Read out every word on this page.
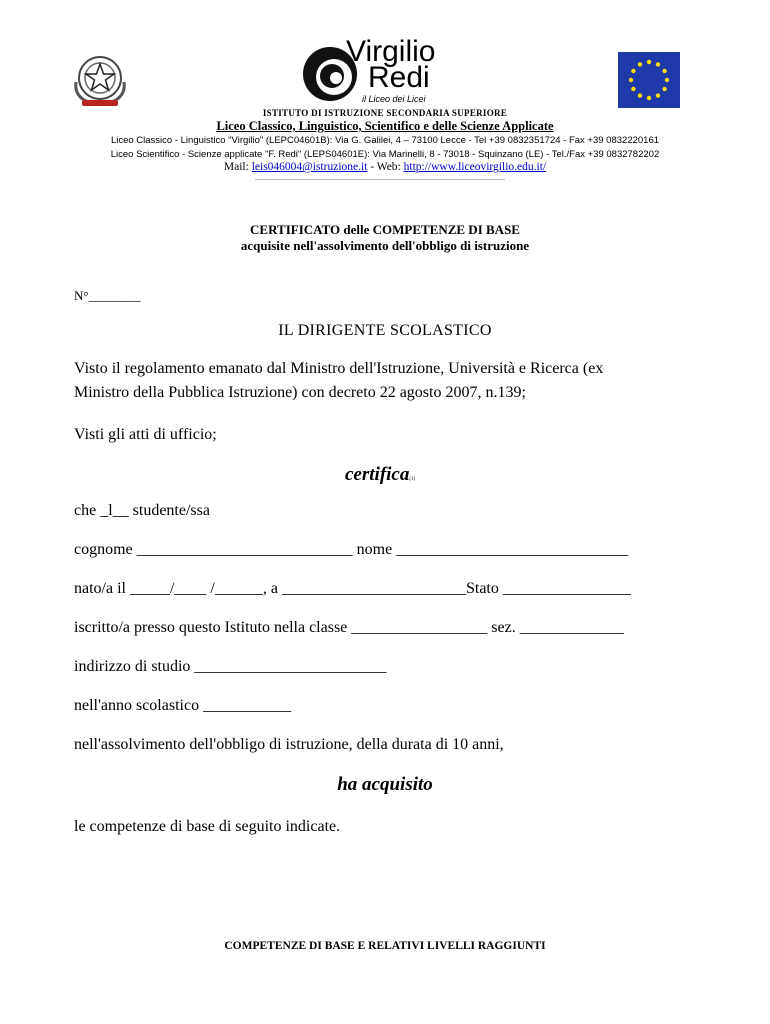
Virgilio
Redi
il Liceo dei Licei
ISTITUTO DI ISTRUZIONE SECONDARIA SUPERIORE
Liceo Classico, Linguistico, Scientifico e delle Scienze Applicate
Liceo Classico - Linguistico "Virgilio" (LEPC04601B): Via G. Galilei, 4 – 73100 Lecce - Tel +39 0832351724 - Fax +39 0832220161
Liceo Scientifico - Scienze applicate "F. Redi" (LEPS04601E): Via Marinelli, 8 - 73018 - Squinzano (LE) - Tel./Fax +39 0832782202
Mail: leis046004@istruzione.it - Web: http://www.liceovirgilio.edu.it/
CERTIFICATO delle COMPETENZE DI BASE
acquisite nell'assolvimento dell'obbligo di istruzione
N°________
IL DIRIGENTE SCOLASTICO
Visto il regolamento emanato dal Ministro dell'Istruzione, Università e Ricerca (ex
Ministro della Pubblica Istruzione) con decreto 22 agosto 2007, n.139;
Visti gli atti di ufficio;
certifica(1)
che _l__ studente/ssa
cognome ___________________________ nome _____________________________
nato/a il _____/____ /______, a _______________________Stato ________________
iscritto/a presso questo Istituto nella classe _________________ sez. _____________
indirizzo di studio ________________________
nell'anno scolastico ___________
nell'assolvimento dell'obbligo di istruzione, della durata di 10 anni,
ha acquisito
le competenze di base di seguito indicate.
COMPETENZE DI BASE E RELATIVI LIVELLI RAGGIUNTI
